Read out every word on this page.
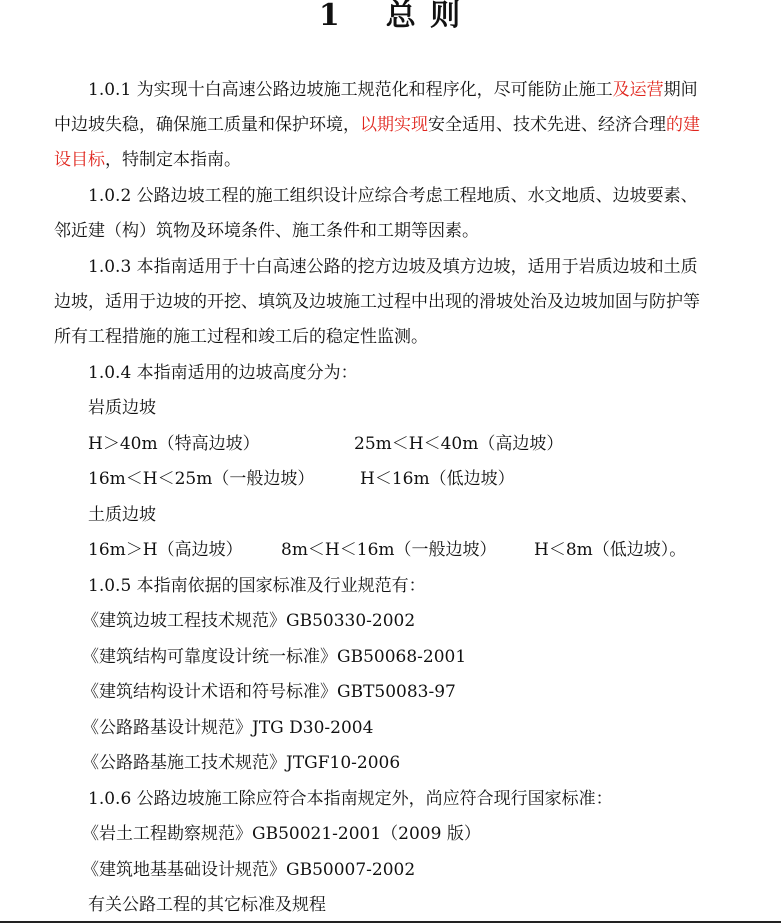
1 总 则
1.0.1 为实现十白高速公路边坡施工规范化和程序化，尽可能防止施工及运营期间
中边坡失稳，确保施工质量和保护环境，以期实现安全适用、技术先进、经济合理的建
设目标，特制定本指南。
1.0.2 公路边坡工程的施工组织设计应综合考虑工程地质、水文地质、边坡要素、
邻近建（构）筑物及环境条件、施工条件和工期等因素。
1.0.3 本指南适用于十白高速公路的挖方边坡及填方边坡，适用于岩质边坡和土质
边坡，适用于边坡的开挖、填筑及边坡施工过程中出现的滑坡处治及边坡加固与防护等
所有工程措施的施工过程和竣工后的稳定性监测。
1.0.4 本指南适用的边坡高度分为：
岩质边坡
H＞40m（特高边坡）	25m＜H＜40m（高边坡）
16m＜H＜25m（一般边坡）	H＜16m（低边坡）
土质边坡
16m＞H（高边坡） 8m＜H＜16m（一般边坡） H＜8m（低边坡）。
1.0.5 本指南依据的国家标准及行业规范有：
《建筑边坡工程技术规范》GB50330-2002
《建筑结构可靠度设计统一标准》GB50068-2001
《建筑结构设计术语和符号标准》GBT50083-97
《公路路基设计规范》JTG D30-2004
《公路路基施工技术规范》JTGF10-2006
1.0.6 公路边坡施工除应符合本指南规定外，尚应符合现行国家标准：
《岩土工程勘察规范》GB50021-2001（2009 版）
《建筑地基基础设计规范》GB50007-2002
有关公路工程的其它标准及规程
